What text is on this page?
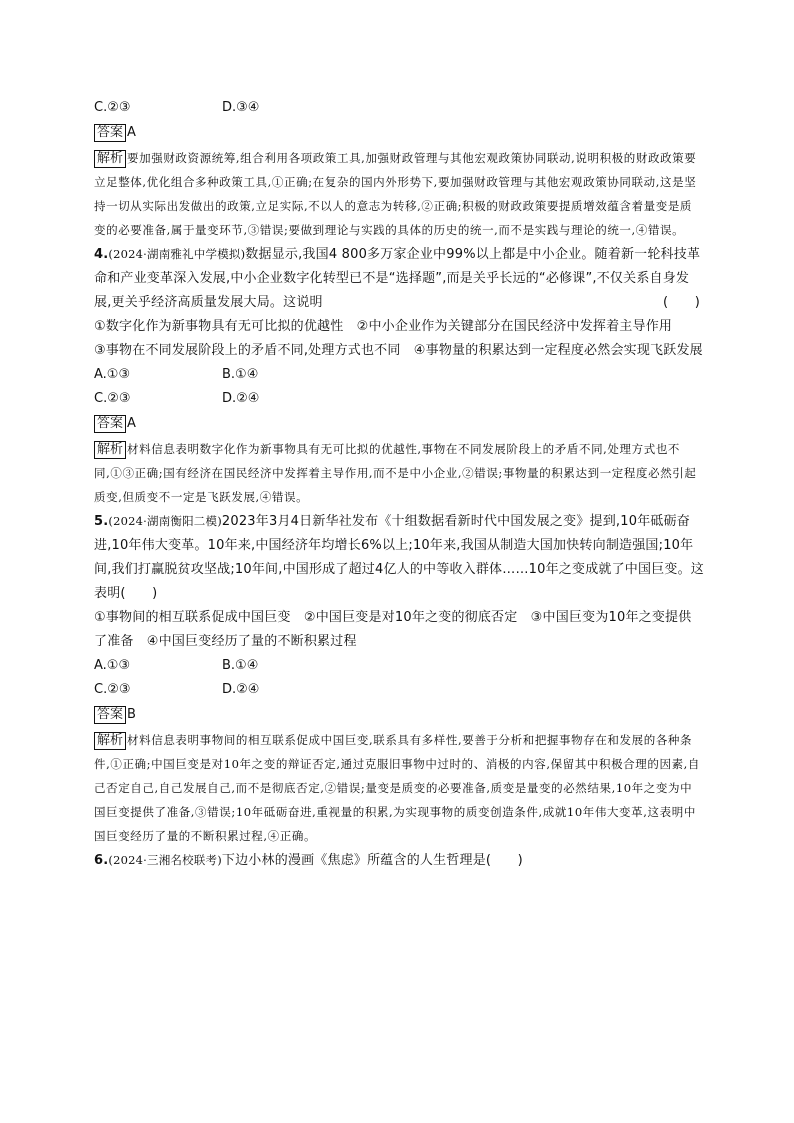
C.②③	D.③④
答案 A

解析 要加强财政资源统筹,组合利用各项政策工具,加强财政管理与其他宏观政策协同联动,说明积极的财政政策要立足整体,优化组合多种政策工具,①正确;在复杂的国内外形势下,要加强财政管理与其他宏观政策协同联动,这是坚持一切从实际出发做出的政策,立足实际,不以人的意志为转移,②正确;积极的财政政策要提质增效蕴含着量变是质变的必要准备,属于量变环节,③错误;要做到理论与实践的具体的历史的统一,而不是实践与理论的统一,④错误。

4.(2024·湖南雅礼中学模拟)数据显示,我国4 800多万家企业中99%以上都是中小企业。随着新一轮科技革命和产业变革深入发展,中小企业数字化转型已不是“选择题”,而是关乎长远的“必修课”,不仅关系自身发展,更关乎经济高质量发展大局。这说明	(　　)

①数字化作为新事物具有无可比拟的优越性　②中小企业作为关键部分在国民经济中发挥着主导作用

③事物在不同发展阶段上的矛盾不同,处理方式也不同　④事物量的积累达到一定程度必然会实现飞跃发展

A.①③	B.①④
C.②③	D.②④
答案 A

解析 材料信息表明数字化作为新事物具有无可比拟的优越性,事物在不同发展阶段上的矛盾不同,处理方式也不同,①③正确;国有经济在国民经济中发挥着主导作用,而不是中小企业,②错误;事物量的积累达到一定程度必然引起质变,但质变不一定是飞跃发展,④错误。

5.(2024·湖南衡阳二模)2023年3月4日新华社发布《十组数据看新时代中国发展之变》提到,10年砥砺奋进,10年伟大变革。10年来,中国经济年均增长6%以上;10年来,我国从制造大国加快转向制造强国;10年间,我们打赢脱贫攻坚战;10年间,中国形成了超过4亿人的中等收入群体……10年之变成就了中国巨变。这表明(　　)

①事物间的相互联系促成中国巨变　②中国巨变是对10年之变的彻底否定　③中国巨变为10年之变提供了准备　④中国巨变经历了量的不断积累过程

A.①③	B.①④
C.②③	D.②④
答案 B

解析 材料信息表明事物间的相互联系促成中国巨变,联系具有多样性,要善于分析和把握事物存在和发展的各种条件,①正确;中国巨变是对10年之变的辩证否定,通过克服旧事物中过时的、消极的内容,保留其中积极合理的因素,自己否定自己,自己发展自己,而不是彻底否定,②错误;量变是质变的必要准备,质变是量变的必然结果,10年之变为中国巨变提供了准备,③错误;10年砥砺奋进,重视量的积累,为实现事物的质变创造条件,成就10年伟大变革,这表明中国巨变经历了量的不断积累过程,④正确。

6.(2024·三湘名校联考)下边小林的漫画《焦虑》所蕴含的人生哲理是(　　)
